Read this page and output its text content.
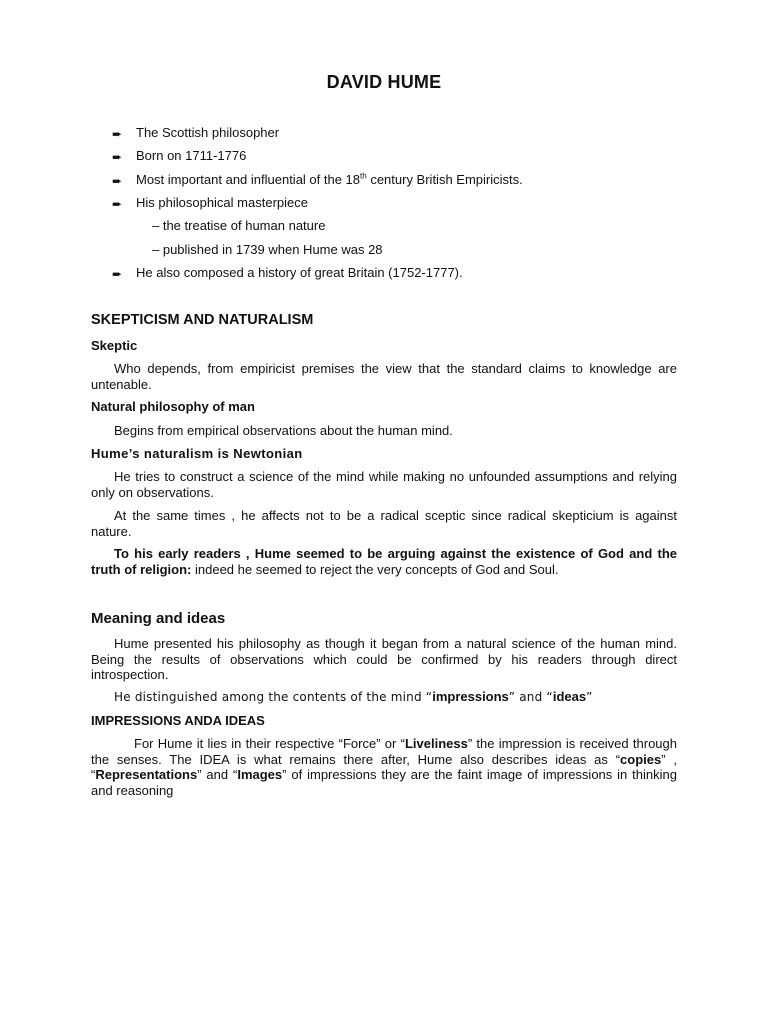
DAVID HUME
➨ The Scottish philosopher
➨ Born on 1711-1776
➨ Most important and influential of the 18th century British Empiricists.
➨ His philosophical masterpiece
– the treatise of human nature
– published in 1739 when Hume was 28
➨ He also composed a history of great Britain (1752-1777).
SKEPTICISM AND NATURALISM
Skeptic

Who depends, from empiricist premises the view that the standard claims to knowledge are untenable.

Natural philosophy of man

Begins from empirical observations about the human mind.

Hume’s naturalism is Newtonian

He tries to construct a science of the mind while making no unfounded assumptions and relying only on observations.

At the same times , he affects not to be a radical sceptic since radical skepticium is against nature.

To his early readers , Hume seemed to be arguing against the existence of God and the truth of religion: indeed he seemed to reject the very concepts of God and Soul.

Meaning and ideas

Hume presented his philosophy as though it began from a natural science of the human mind. Being the results of observations which could be confirmed by his readers through direct introspection.

He distinguished among the contents of the mind “impressions” and “ideas”

IMPRESSIONS ANDA IDEAS

For Hume it lies in their respective “Force” or “Liveliness” the impression is received through the senses. The IDEA is what remains there after, Hume also describes ideas as “copies” , “Representations” and “Images” of impressions they are the faint image of impressions in thinking and reasoning
